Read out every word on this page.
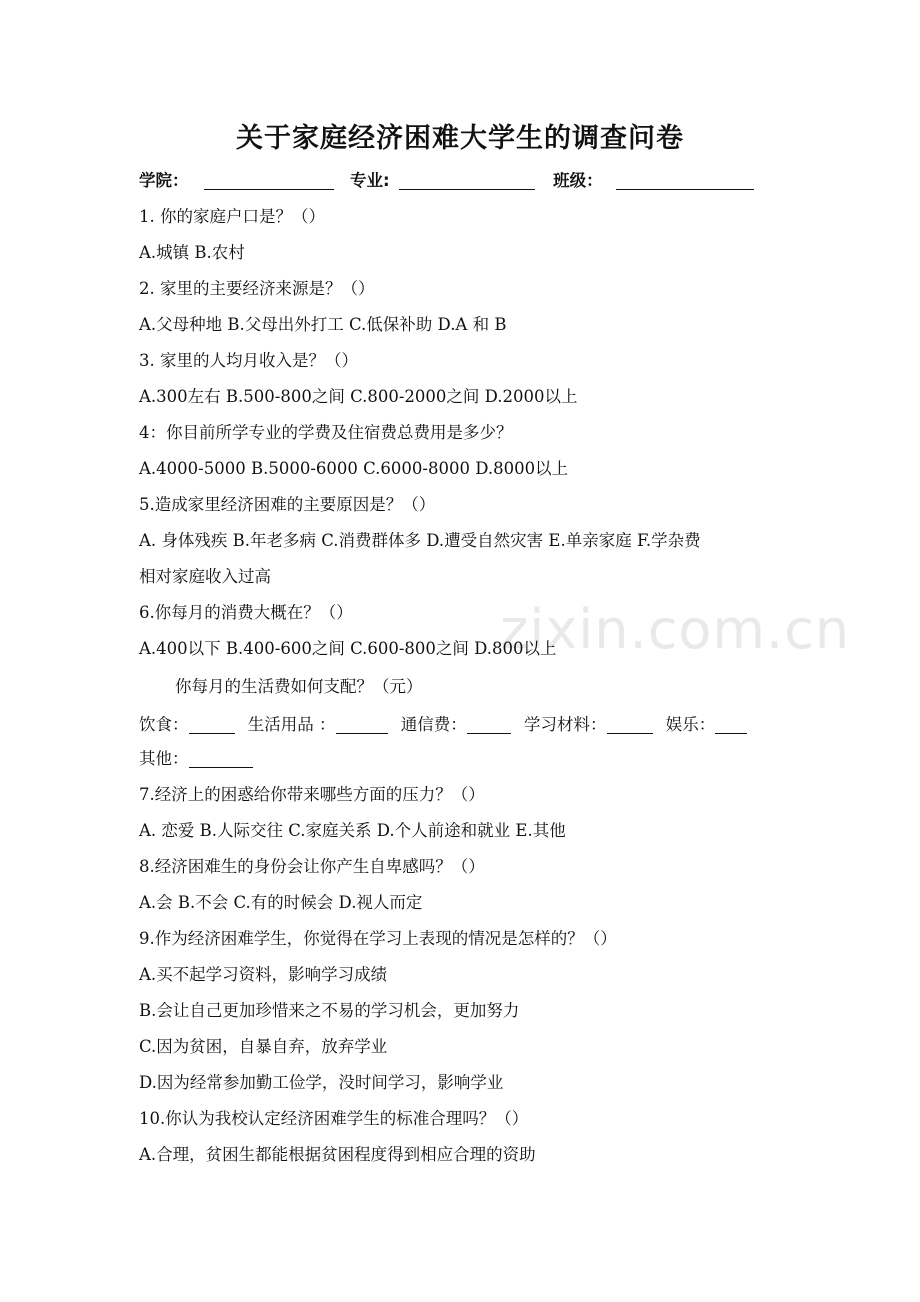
zixin.com.cn
关于家庭经济困难大学生的调查问卷
学院：	专业:	班级：
1. 你的家庭户口是？（）
A.城镇 B.农村
2. 家里的主要经济来源是？（）
A.父母种地 B.父母出外打工 C.低保补助 D.A 和 B
3. 家里的人均月收入是？（）
A.300左右 B.500-800之间 C.800-2000之间 D.2000以上
4：你目前所学专业的学费及住宿费总费用是多少？
A.4000-5000 B.5000-6000 C.6000-8000 D.8000以上
5.造成家里经济困难的主要原因是？（）
A. 身体残疾 B.年老多病 C.消费群体多 D.遭受自然灾害 E.单亲家庭 F.学杂费
相对家庭收入过高
6.你每月的消费大概在？（）
A.400以下 B.400-600之间 C.600-800之间 D.800以上
你每月的生活费如何支配？（元）
饮食：	生活用品 ：	通信费：	学习材料：	娱乐：
其他：
7.经济上的困惑给你带来哪些方面的压力？（）
A. 恋爱 B.人际交往 C.家庭关系 D.个人前途和就业 E.其他
8.经济困难生的身份会让你产生自卑感吗？（）
A.会 B.不会 C.有的时候会 D.视人而定
9.作为经济困难学生，你觉得在学习上表现的情况是怎样的？（）
A.买不起学习资料，影响学习成绩
B.会让自己更加珍惜来之不易的学习机会，更加努力
C.因为贫困，自暴自弃，放弃学业
D.因为经常参加勤工俭学，没时间学习，影响学业
10.你认为我校认定经济困难学生的标准合理吗？（）
A.合理，贫困生都能根据贫困程度得到相应合理的资助
